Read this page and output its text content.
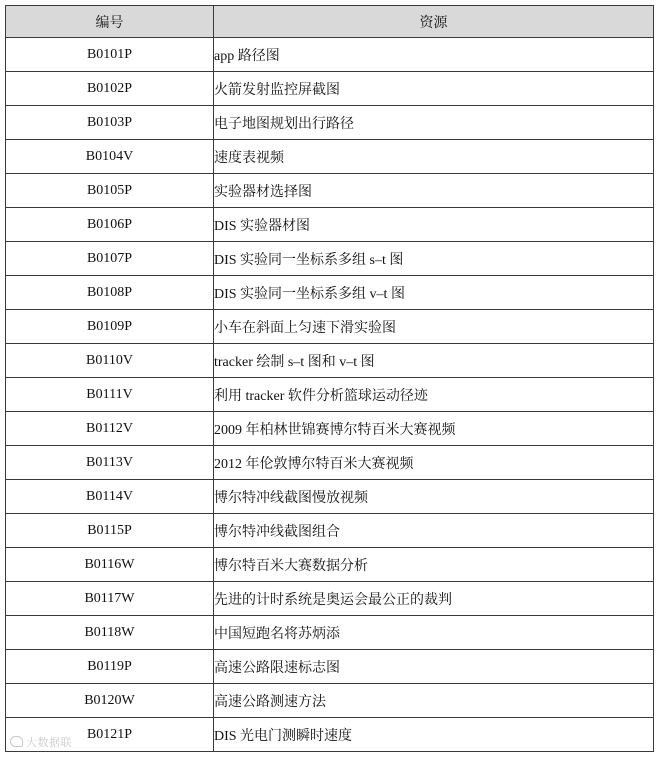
编号	资源
B0101P	app 路径图
B0102P	火箭发射监控屏截图
B0103P	电子地图规划出行路径
B0104V	速度表视频
B0105P	实验器材选择图
B0106P	DIS 实验器材图
B0107P	DIS 实验同一坐标系多组 s–t 图
B0108P	DIS 实验同一坐标系多组 v–t 图
B0109P	小车在斜面上匀速下滑实验图
B0110V	tracker 绘制 s–t 图和 v–t 图
B0111V	利用 tracker 软件分析篮球运动径迹
B0112V	2009 年柏林世锦赛博尔特百米大赛视频
B0113V	2012 年伦敦博尔特百米大赛视频
B0114V	博尔特冲线截图慢放视频
B0115P	博尔特冲线截图组合
B0116W	博尔特百米大赛数据分析
B0117W	先进的计时系统是奥运会最公正的裁判
B0118W	中国短跑名将苏炳添
B0119P	高速公路限速标志图
B0120W	高速公路测速方法
B0121P	DIS 光电门测瞬时速度
大数据联
